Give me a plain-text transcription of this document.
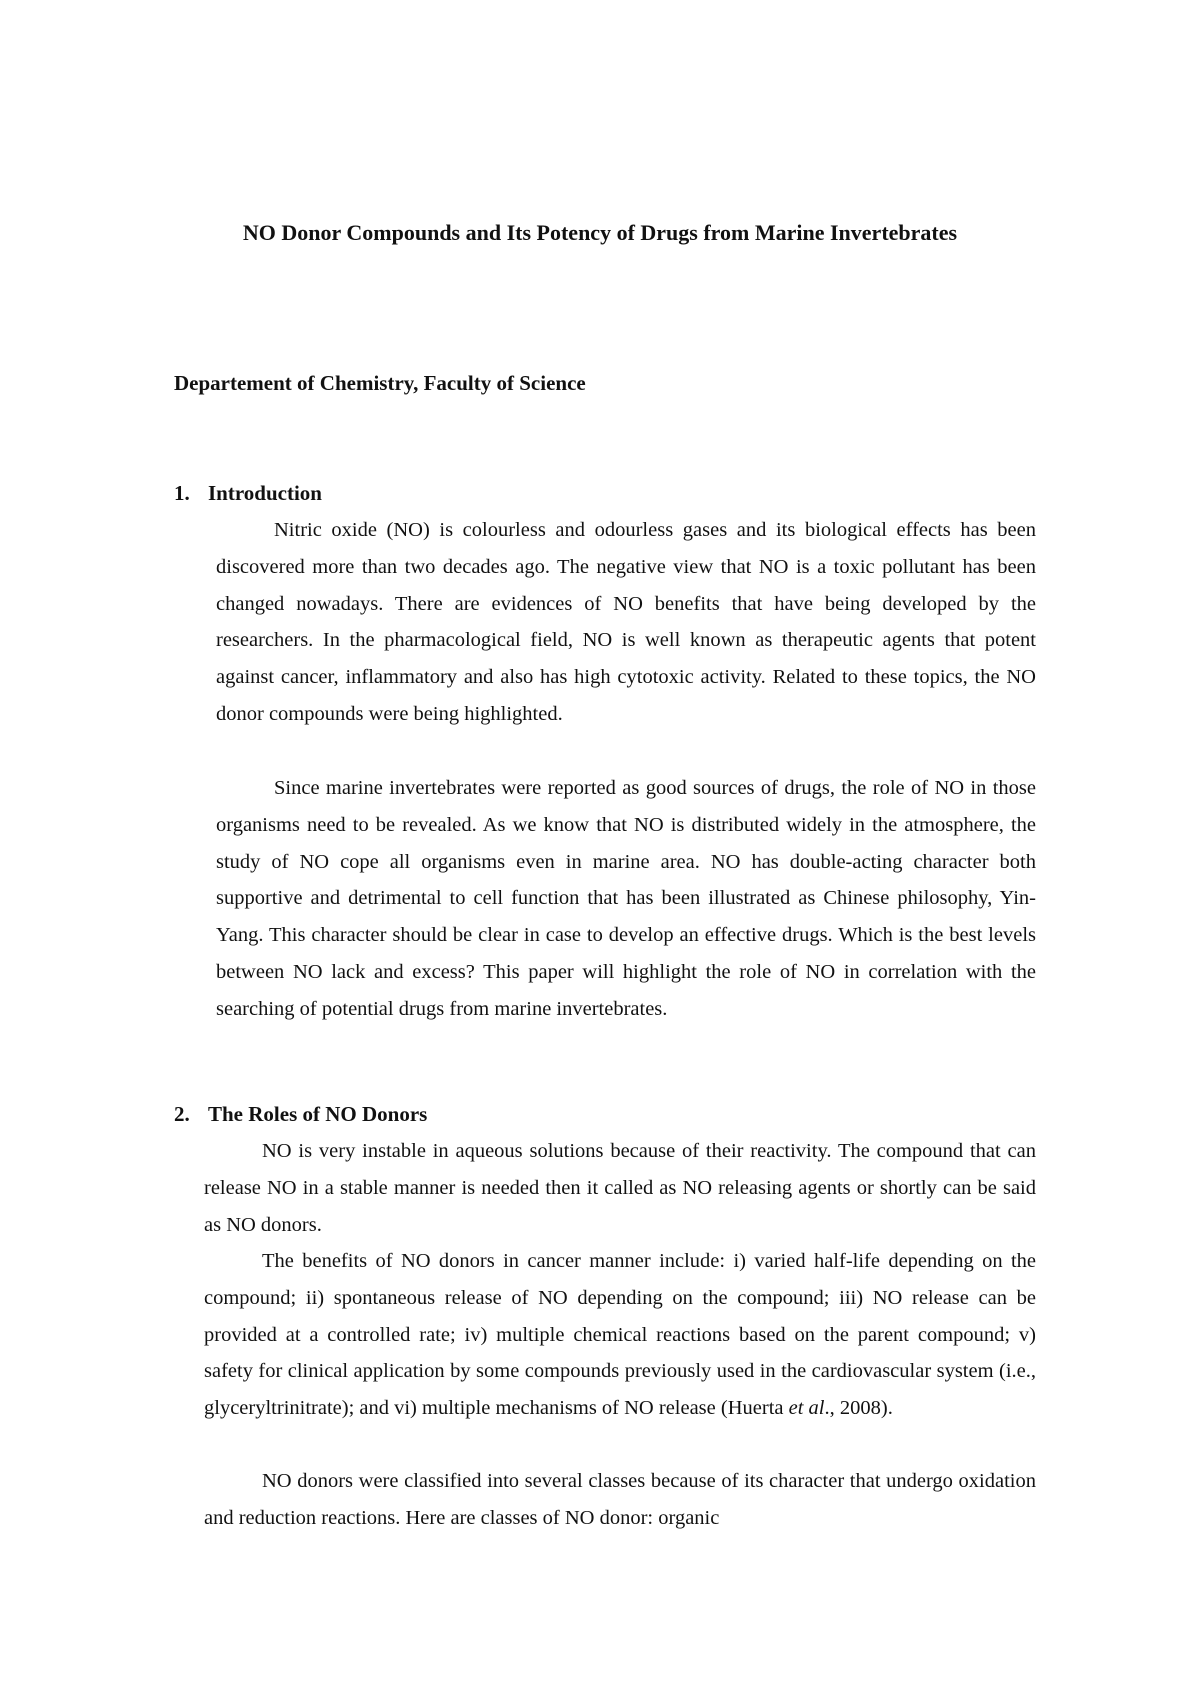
NO Donor Compounds and Its Potency of Drugs from Marine Invertebrates

Departement of Chemistry, Faculty of Science

1. Introduction

Nitric oxide (NO) is colourless and odourless gases and its biological effects has been discovered more than two decades ago. The negative view that NO is a toxic pollutant has been changed nowadays. There are evidences of NO benefits that have being developed by the researchers. In the pharmacological field, NO is well known as therapeutic agents that potent against cancer, inflammatory and also has high cytotoxic activity. Related to these topics, the NO donor compounds were being highlighted.

Since marine invertebrates were reported as good sources of drugs, the role of NO in those organisms need to be revealed. As we know that NO is distributed widely in the atmosphere, the study of NO cope all organisms even in marine area. NO has double-acting character both supportive and detrimental to cell function that has been illustrated as Chinese philosophy, Yin-Yang. This character should be clear in case to develop an effective drugs. Which is the best levels between NO lack and excess? This paper will highlight the role of NO in correlation with the searching of potential drugs from marine invertebrates.

2. The Roles of NO Donors

NO is very instable in aqueous solutions because of their reactivity. The compound that can release NO in a stable manner is needed then it called as NO releasing agents or shortly can be said as NO donors.

The benefits of NO donors in cancer manner include: i) varied half-life depending on the compound; ii) spontaneous release of NO depending on the compound; iii) NO release can be provided at a controlled rate; iv) multiple chemical reactions based on the parent compound; v) safety for clinical application by some compounds previously used in the cardiovascular system (i.e., glyceryltrinitrate); and vi) multiple mechanisms of NO release (Huerta et al., 2008).

NO donors were classified into several classes because of its character that undergo oxidation and reduction reactions. Here are classes of NO donor: organic
